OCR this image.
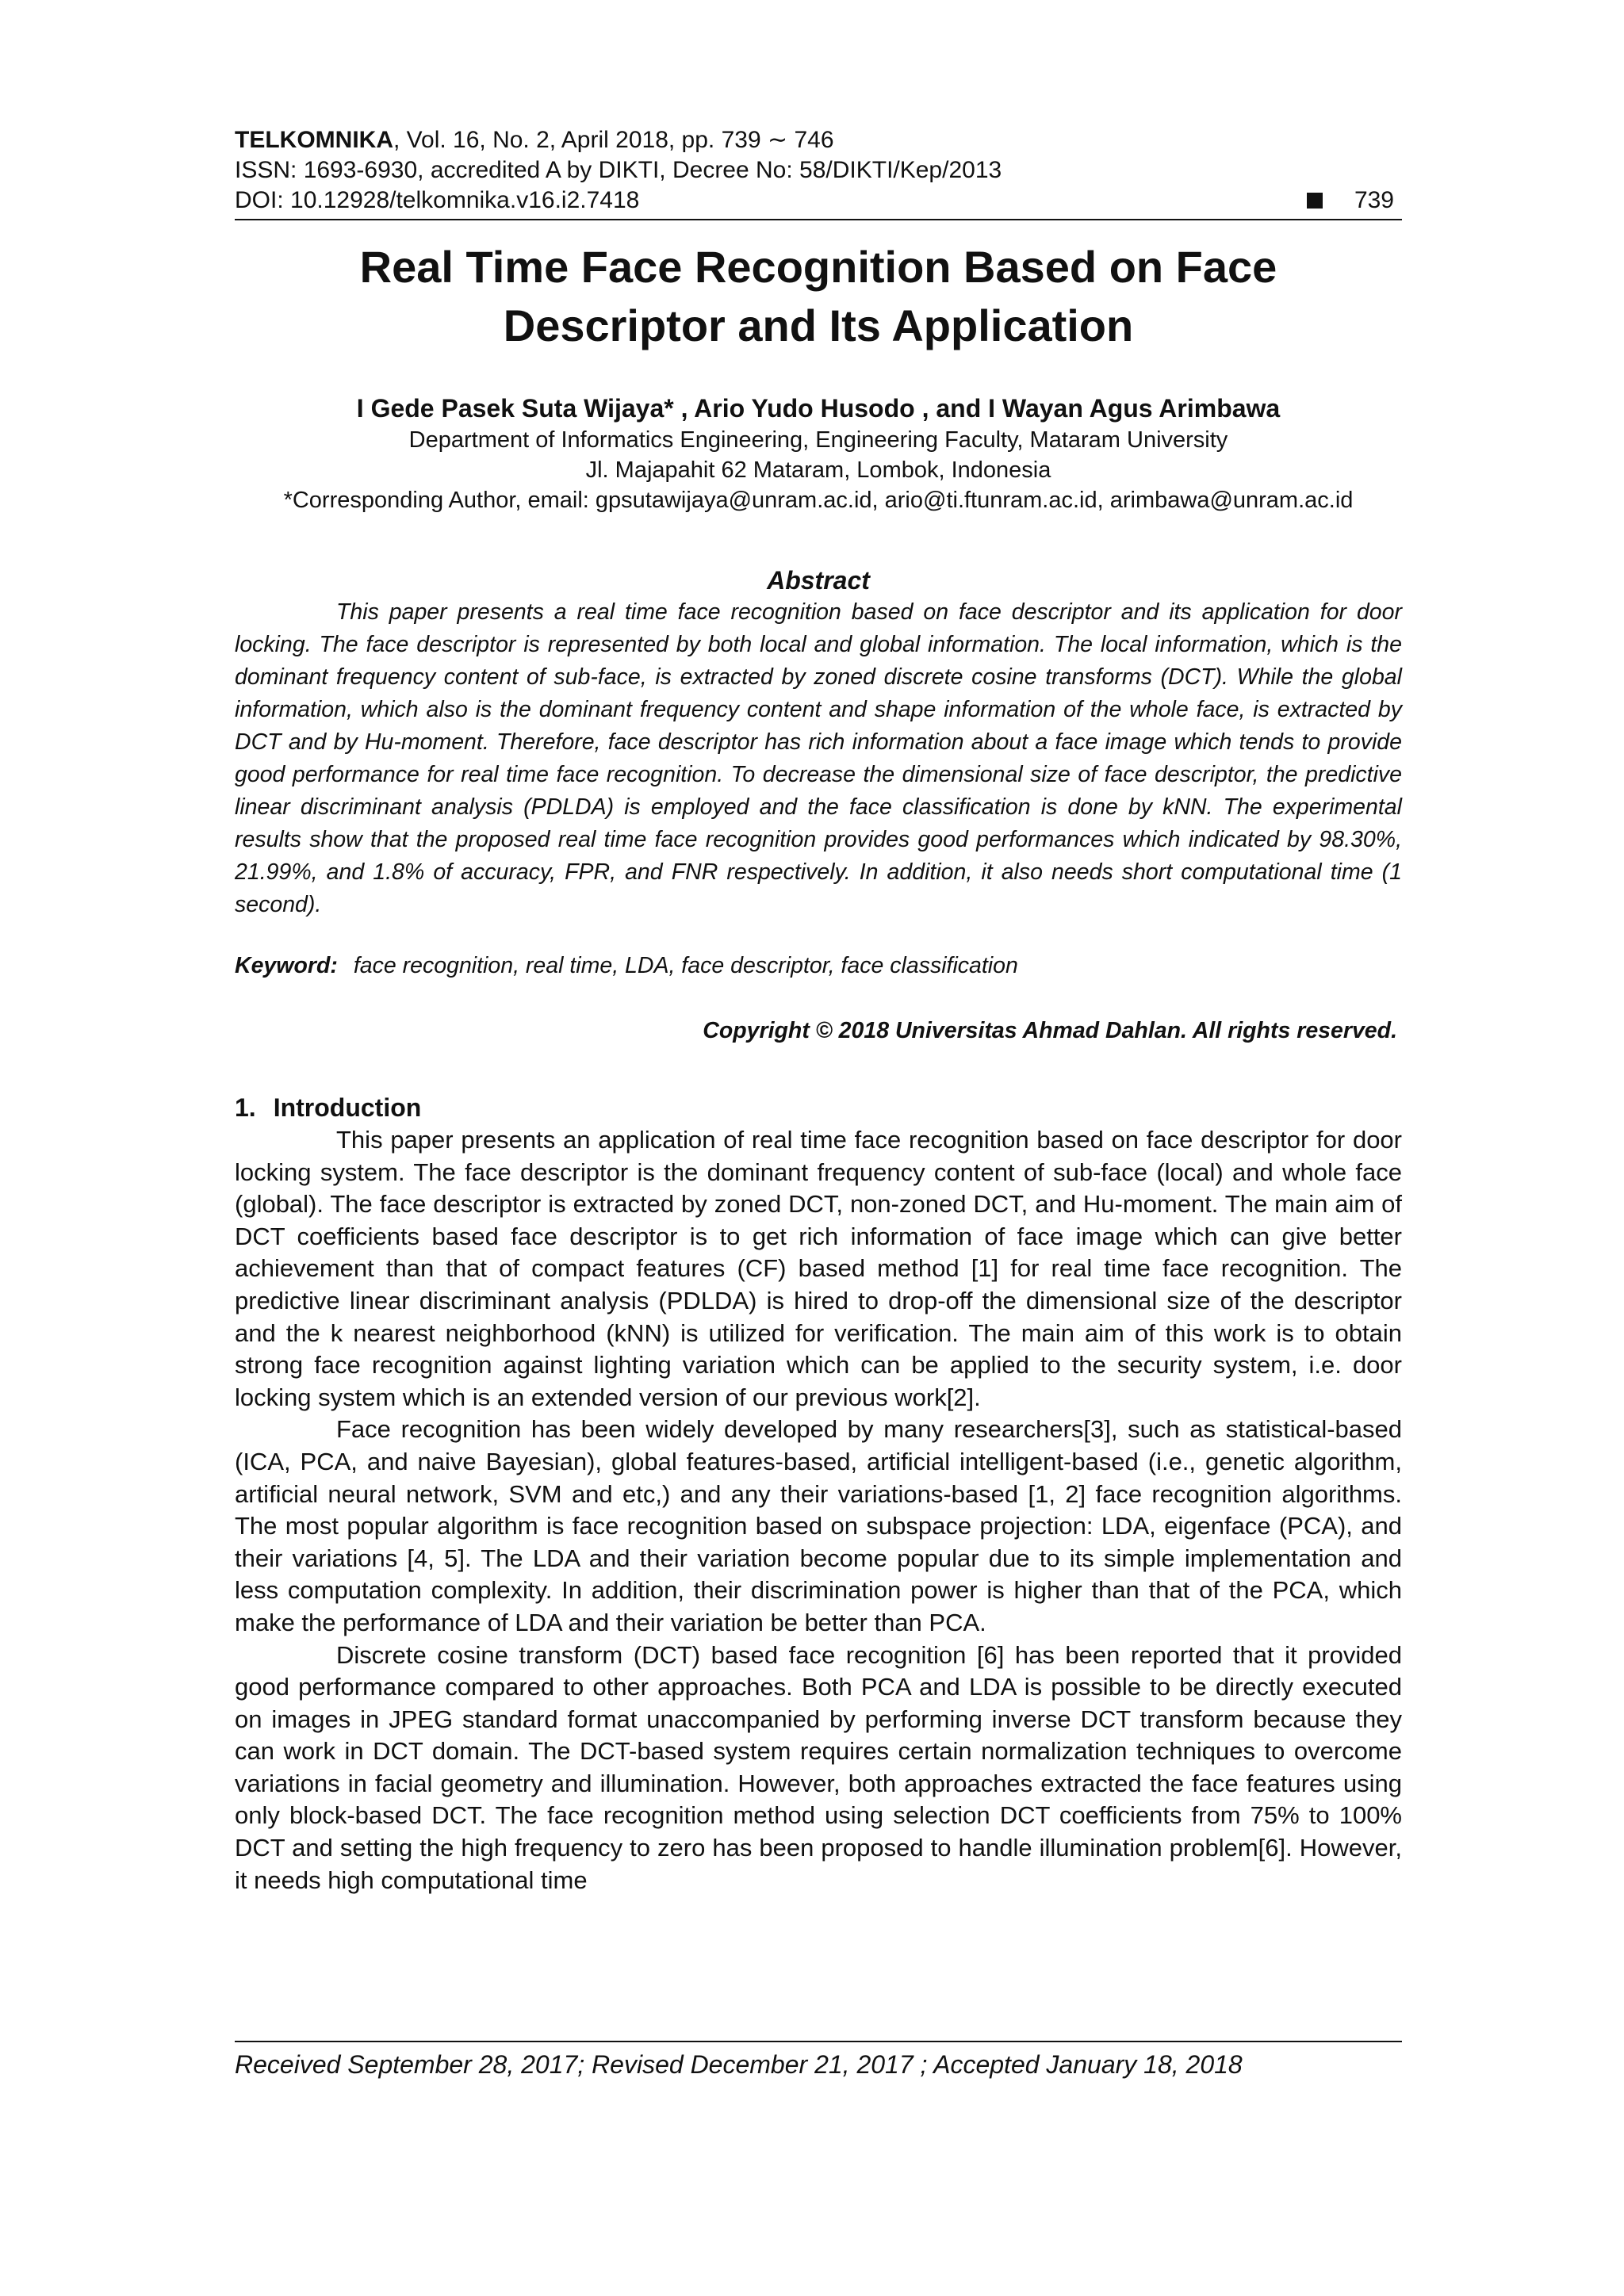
TELKOMNIKA, Vol. 16, No. 2, April 2018, pp. 739 ∼ 746
ISSN: 1693-6930, accredited A by DIKTI, Decree No: 58/DIKTI/Kep/2013
DOI: 10.12928/telkomnika.v16.i2.7418	739
Real Time Face Recognition Based on Face
Descriptor and Its Application
I Gede Pasek Suta Wijaya* , Ario Yudo Husodo , and I Wayan Agus Arimbawa
Department of Informatics Engineering, Engineering Faculty, Mataram University
Jl. Majapahit 62 Mataram, Lombok, Indonesia
*Corresponding Author, email: gpsutawijaya@unram.ac.id, ario@ti.ftunram.ac.id, arimbawa@unram.ac.id
Abstract

This paper presents a real time face recognition based on face descriptor and its application for door locking. The face descriptor is represented by both local and global information. The local information, which is the dominant frequency content of sub-face, is extracted by zoned discrete cosine transforms (DCT). While the global information, which also is the dominant frequency content and shape information of the whole face, is extracted by DCT and by Hu-moment. Therefore, face descriptor has rich information about a face image which tends to provide good performance for real time face recognition. To decrease the dimensional size of face descriptor, the predictive linear discriminant analysis (PDLDA) is employed and the face classification is done by kNN. The experimental results show that the proposed real time face recognition provides good performances which indicated by 98.30%, 21.99%, and 1.8% of accuracy, FPR, and FNR respectively. In addition, it also needs short computational time (1 second).

Keyword: face recognition, real time, LDA, face descriptor, face classification
Copyright © 2018 Universitas Ahmad Dahlan. All rights reserved.
1. Introduction

This paper presents an application of real time face recognition based on face descriptor for door locking system. The face descriptor is the dominant frequency content of sub-face (local) and whole face (global). The face descriptor is extracted by zoned DCT, non-zoned DCT, and Hu-moment. The main aim of DCT coefficients based face descriptor is to get rich information of face image which can give better achievement than that of compact features (CF) based method [1] for real time face recognition. The predictive linear discriminant analysis (PDLDA) is hired to drop-off the dimensional size of the descriptor and the k nearest neighborhood (kNN) is utilized for verification. The main aim of this work is to obtain strong face recognition against lighting variation which can be applied to the security system, i.e. door locking system which is an extended version of our previous work[2].

Face recognition has been widely developed by many researchers[3], such as statistical-based (ICA, PCA, and naive Bayesian), global features-based, artificial intelligent-based (i.e., genetic algorithm, artificial neural network, SVM and etc,) and any their variations-based [1, 2] face recognition algorithms. The most popular algorithm is face recognition based on subspace projection: LDA, eigenface (PCA), and their variations [4, 5]. The LDA and their variation become popular due to its simple implementation and less computation complexity. In addition, their discrimination power is higher than that of the PCA, which make the performance of LDA and their variation be better than PCA.

Discrete cosine transform (DCT) based face recognition [6] has been reported that it provided good performance compared to other approaches. Both PCA and LDA is possible to be directly executed on images in JPEG standard format unaccompanied by performing inverse DCT transform because they can work in DCT domain. The DCT-based system requires certain normalization techniques to overcome variations in facial geometry and illumination. However, both approaches extracted the face features using only block-based DCT. The face recognition method using selection DCT coefficients from 75% to 100% DCT and setting the high frequency to zero has been proposed to handle illumination problem[6]. However, it needs high computational time

Received September 28, 2017; Revised December 21, 2017 ; Accepted January 18, 2018
